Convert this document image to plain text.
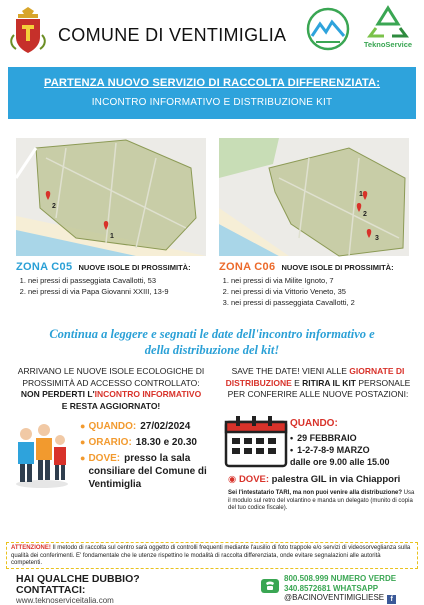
COMUNE DI VENTIMIGLIA	TeknoService
PARTENZA NUOVO SERVIZIO DI RACCOLTA DIFFERENZIATA:
INCONTRO INFORMATIVO E DISTRIBUZIONE KIT
2
1
1
2
3
ZONA C05 NUOVE ISOLE DI PROSSIMITÀ:
1. nei pressi di passeggiata Cavallotti, 53
2. nei pressi di via Papa Giovanni XXIII, 13-9
ZONA C06 NUOVE ISOLE DI PROSSIMITÀ:
1. nei pressi di via Milite Ignoto, 7
2. nei pressi di via Vittorio Veneto, 35
3. nei pressi di passeggiata Cavallotti, 2
Continua a leggere e segnati le date dell'incontro informativo e
della distribuzione del kit!
ARRIVANO LE NUOVE ISOLE ECOLOGICHE DI
PROSSIMITÀ AD ACCESSO CONTROLLATO:
NON PERDERTI L'INCONTRO INFORMATIVO
E RESTA AGGIORNATO!
● QUANDO: 27/02/2024
● ORARIO: 18.30 e 20.30
● DOVE: presso la sala consiliare del Comune di Ventimiglia
SAVE THE DATE! VIENI ALLE GIORNATE DI DISTRIBUZIONE E RITIRA IL KIT PERSONALE PER CONFERIRE ALLE NUOVE POSTAZIONI:
QUANDO:
• 29 FEBBRAIO
• 1-2-7-8-9 MARZO
dalle ore 9.00 alle 15.00
◉ DOVE: palestra GIL in via Chiappori
Sei l'intestatario TARI, ma non puoi venire alla distribuzione? Usa il modulo sul retro del volantino e manda un delegato (munito di copia del tuo codice fiscale).
ATTENZIONE! Il metodo di raccolta sul centro sarà oggetto di controlli frequenti mediante l'ausilio di foto trappole e/o servizi di videosorveglianza sulla qualità dei conferimenti. E' fondamentale che le utenze rispettino le modalità di raccolta differenziata, onde evitare segnalazioni alle autorità competenti.
HAI QUALCHE DUBBIO?
CONTATTACI:
www.teknoserviceitalia.com
800.508.999 NUMERO VERDE
340.8572681 WHATSAPP
@BACINOVENTIMIGLIESE f
